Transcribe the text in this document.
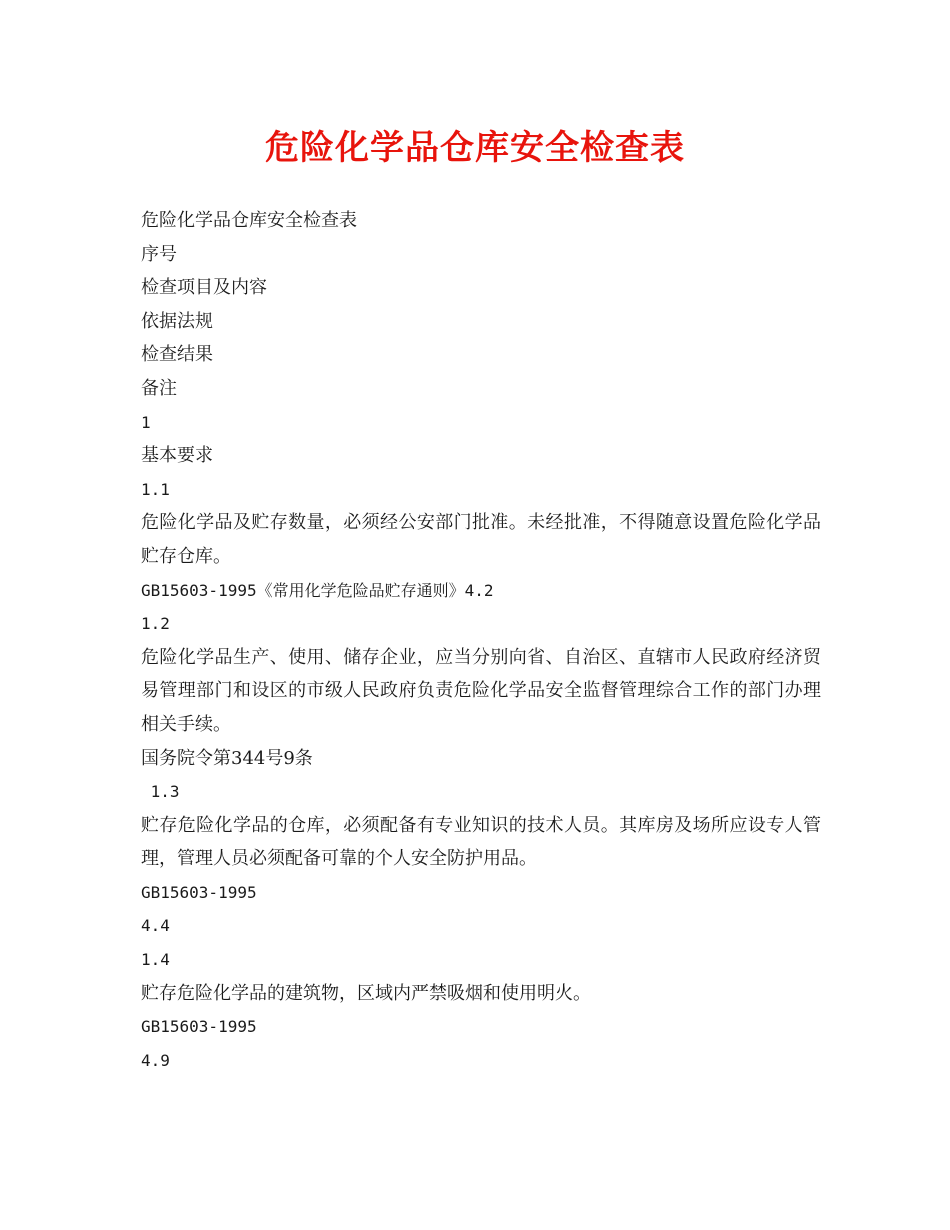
危险化学品仓库安全检查表

危险化学品仓库安全检查表

序号

检查项目及内容

依据法规

检查结果

备注

1

基本要求

1.1

危险化学品及贮存数量，必须经公安部门批准。未经批准，不得随意设置危险化学品贮存仓库。

GB15603-1995《常用化学危险品贮存通则》4.2

1.2

危险化学品生产、使用、储存企业，应当分别向省、自治区、直辖市人民政府经济贸易管理部门和设区的市级人民政府负责危险化学品安全监督管理综合工作的部门办理相关手续。

国务院令第344号9条

1.3

贮存危险化学品的仓库，必须配备有专业知识的技术人员。其库房及场所应设专人管理，管理人员必须配备可靠的个人安全防护用品。

GB15603-1995

4.4

1.4

贮存危险化学品的建筑物，区域内严禁吸烟和使用明火。

GB15603-1995

4.9
